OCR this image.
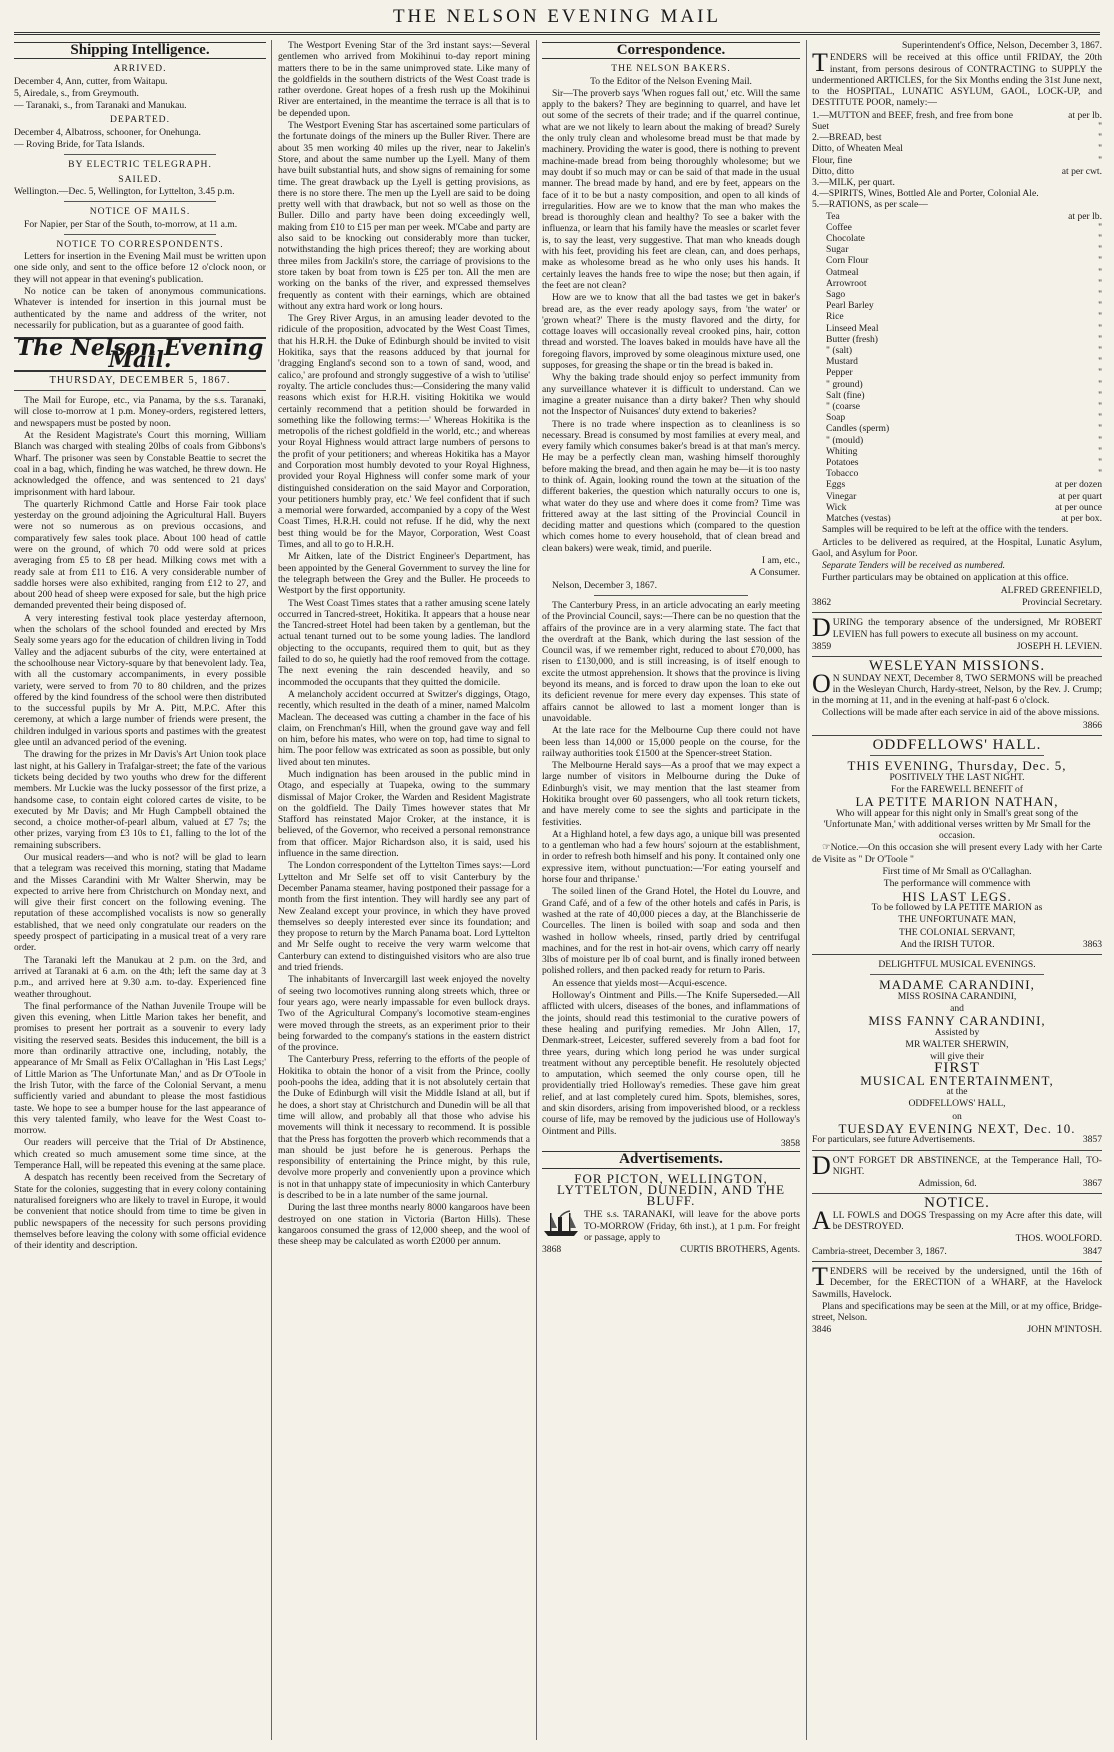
THE NELSON EVENING MAIL
Shipping Intelligence.
ARRIVED.

December 4, Ann, cutter, from Waitapu.

5, Airedale, s., from Greymouth.

— Taranaki, s., from Taranaki and Manukau.

DEPARTED.

December 4, Albatross, schooner, for Onehunga.

— Roving Bride, for Tata Islands.

BY ELECTRIC TELEGRAPH.
SAILED.

Wellington.—Dec. 5, Wellington, for Lyttelton, 3.45 p.m.

NOTICE OF MAILS.

For Napier, per Star of the South, to-morrow, at 11 a.m.

NOTICE TO CORRESPONDENTS.

Letters for insertion in the Evening Mail must be written upon one side only, and sent to the office before 12 o'clock noon, or they will not appear in that evening's publication.

No notice can be taken of anonymous communications. Whatever is intended for insertion in this journal must be authenticated by the name and address of the writer, not necessarily for publication, but as a guarantee of good faith.

The Nelson Evening Mail.
THURSDAY, DECEMBER 5, 1867.

The Mail for Europe, etc., via Panama, by the s.s. Taranaki, will close to-morrow at 1 p.m. Money-orders, registered letters, and newspapers must be posted by noon.

At the Resident Magistrate's Court this morning, William Blanch was charged with stealing 20lbs of coals from Gibbons's Wharf. The prisoner was seen by Constable Beattie to secret the coal in a bag, which, finding he was watched, he threw down. He acknowledged the offence, and was sentenced to 21 days' imprisonment with hard labour.

The quarterly Richmond Cattle and Horse Fair took place yesterday on the ground adjoining the Agricultural Hall. Buyers were not so numerous as on previous occasions, and comparatively few sales took place. About 100 head of cattle were on the ground, of which 70 odd were sold at prices averaging from £5 to £8 per head. Milking cows met with a ready sale at from £11 to £16. A very considerable number of saddle horses were also exhibited, ranging from £12 to 27, and about 200 head of sheep were exposed for sale, but the high price demanded prevented their being disposed of.

A very interesting festival took place yesterday afternoon, when the scholars of the school founded and erected by Mrs Sealy some years ago for the education of children living in Todd Valley and the adjacent suburbs of the city, were entertained at the schoolhouse near Victory-square by that benevolent lady. Tea, with all the customary accompaniments, in every possible variety, were served to from 70 to 80 children, and the prizes offered by the kind foundress of the school were then distributed to the successful pupils by Mr A. Pitt, M.P.C. After this ceremony, at which a large number of friends were present, the children indulged in various sports and pastimes with the greatest glee until an advanced period of the evening.

The drawing for the prizes in Mr Davis's Art Union took place last night, at his Gallery in Trafalgar-street; the fate of the various tickets being decided by two youths who drew for the different members. Mr Luckie was the lucky possessor of the first prize, a handsome case, to contain eight colored cartes de visite, to be executed by Mr Davis; and Mr Hugh Campbell obtained the second, a choice mother-of-pearl album, valued at £7 7s; the other prizes, varying from £3 10s to £1, falling to the lot of the remaining subscribers.

Our musical readers—and who is not? will be glad to learn that a telegram was received this morning, stating that Madame and the Misses Carandini with Mr Walter Sherwin, may be expected to arrive here from Christchurch on Monday next, and will give their first concert on the following evening. The reputation of these accomplished vocalists is now so generally established, that we need only congratulate our readers on the speedy prospect of participating in a musical treat of a very rare order.

The Taranaki left the Manukau at 2 p.m. on the 3rd, and arrived at Taranaki at 6 a.m. on the 4th; left the same day at 3 p.m., and arrived here at 9.30 a.m. to-day. Experienced fine weather throughout.

The final performance of the Nathan Juvenile Troupe will be given this evening, when Little Marion takes her benefit, and promises to present her portrait as a souvenir to every lady visiting the reserved seats. Besides this inducement, the bill is a more than ordinarily attractive one, including, notably, the appearance of Mr Small as Felix O'Callaghan in 'His Last Legs;' of Little Marion as 'The Unfortunate Man,' and as Dr O'Toole in the Irish Tutor, with the farce of the Colonial Servant, a menu sufficiently varied and abundant to please the most fastidious taste. We hope to see a bumper house for the last appearance of this very talented family, who leave for the West Coast to-morrow.

Our readers will perceive that the Trial of Dr Abstinence, which created so much amusement some time since, at the Temperance Hall, will be repeated this evening at the same place.

A despatch has recently been received from the Secretary of State for the colonies, suggesting that in every colony containing naturalised foreigners who are likely to travel in Europe, it would be convenient that notice should from time to time be given in public newspapers of the necessity for such persons providing themselves before leaving the colony with some official evidence of their identity and description.

The Westport Evening Star of the 3rd instant says:—Several gentlemen who arrived from Mokihinui to-day report mining matters there to be in the same unimproved state. Like many of the goldfields in the southern districts of the West Coast trade is rather overdone. Great hopes of a fresh rush up the Mokihinui River are entertained, in the meantime the terrace is all that is to be depended upon.

The Westport Evening Star has ascertained some particulars of the fortunate doings of the miners up the Buller River. There are about 35 men working 40 miles up the river, near to Jakelin's Store, and about the same number up the Lyell. Many of them have built substantial huts, and show signs of remaining for some time. The great drawback up the Lyell is getting provisions, as there is no store there. The men up the Lyell are said to be doing pretty well with that drawback, but not so well as those on the Buller. Dillo and party have been doing exceedingly well, making from £10 to £15 per man per week. M'Cabe and party are also said to be knocking out considerably more than tucker, notwithstanding the high prices thereof; they are working about three miles from Jackiln's store, the carriage of provisions to the store taken by boat from town is £25 per ton. All the men are working on the banks of the river, and expressed themselves frequently as content with their earnings, which are obtained without any extra hard work or long hours.

The Grey River Argus, in an amusing leader devoted to the ridicule of the proposition, advocated by the West Coast Times, that his H.R.H. the Duke of Edinburgh should be invited to visit Hokitika, says that the reasons adduced by that journal for 'dragging England's second son to a town of sand, wood, and calico,' are profound and strongly suggestive of a wish to 'utilise' royalty. The article concludes thus:—Considering the many valid reasons which exist for H.R.H. visiting Hokitika we would certainly recommend that a petition should be forwarded in something like the following terms:—' Whereas Hokitika is the metropolis of the richest goldfield in the world, etc.; and whereas your Royal Highness would attract large numbers of persons to the profit of your petitioners; and whereas Hokitika has a Mayor and Corporation most humbly devoted to your Royal Highness, provided your Royal Highness will confer some mark of your distinguished consideration on the said Mayor and Corporation, your petitioners humbly pray, etc.' We feel confident that if such a memorial were forwarded, accompanied by a copy of the West Coast Times, H.R.H. could not refuse. If he did, why the next best thing would be for the Mayor, Corporation, West Coast Times, and all to go to H.R.H.

Mr Aitken, late of the District Engineer's Department, has been appointed by the General Government to survey the line for the telegraph between the Grey and the Buller. He proceeds to Westport by the first opportunity.

The West Coast Times states that a rather amusing scene lately occurred in Tancred-street, Hokitika. It appears that a house near the Tancred-street Hotel had been taken by a gentleman, but the actual tenant turned out to be some young ladies. The landlord objecting to the occupants, required them to quit, but as they failed to do so, he quietly had the roof removed from the cottage. The next evening the rain descended heavily, and so incommoded the occupants that they quitted the domicile.

A melancholy accident occurred at Switzer's diggings, Otago, recently, which resulted in the death of a miner, named Malcolm Maclean. The deceased was cutting a chamber in the face of his claim, on Frenchman's Hill, when the ground gave way and fell on him, before his mates, who were on top, had time to signal to him. The poor fellow was extricated as soon as possible, but only lived about ten minutes.

Much indignation has been aroused in the public mind in Otago, and especially at Tuapeka, owing to the summary dismissal of Major Croker, the Warden and Resident Magistrate on the goldfield. The Daily Times however states that Mr Stafford has reinstated Major Croker, at the instance, it is believed, of the Governor, who received a personal remonstrance from that officer. Major Richardson also, it is said, used his influence in the same direction.

The London correspondent of the Lyttelton Times says:—Lord Lyttelton and Mr Selfe set off to visit Canterbury by the December Panama steamer, having postponed their passage for a month from the first intention. They will hardly see any part of New Zealand except your province, in which they have proved themselves so deeply interested ever since its foundation; and they propose to return by the March Panama boat. Lord Lyttelton and Mr Selfe ought to receive the very warm welcome that Canterbury can extend to distinguished visitors who are also true and tried friends.

The inhabitants of Invercargill last week enjoyed the novelty of seeing two locomotives running along streets which, three or four years ago, were nearly impassable for even bullock drays. Two of the Agricultural Company's locomotive steam-engines were moved through the streets, as an experiment prior to their being forwarded to the company's stations in the eastern district of the province.

The Canterbury Press, referring to the efforts of the people of Hokitika to obtain the honor of a visit from the Prince, coolly pooh-poohs the idea, adding that it is not absolutely certain that the Duke of Edinburgh will visit the Middle Island at all, but if he does, a short stay at Christchurch and Dunedin will be all that time will allow, and probably all that those who advise his movements will think it necessary to recommend. It is possible that the Press has forgotten the proverb which recommends that a man should be just before he is generous. Perhaps the responsibility of entertaining the Prince might, by this rule, devolve more properly and conveniently upon a province which is not in that unhappy state of impecuniosity in which Canterbury is described to be in a late number of the same journal.

During the last three months nearly 8000 kangaroos have been destroyed on one station in Victoria (Barton Hills). These kangaroos consumed the grass of 12,000 sheep, and the wool of these sheep may be calculated as worth £2000 per annum.

Correspondence.
THE NELSON BAKERS.

To the Editor of the Nelson Evening Mail.

Sir—The proverb says 'When rogues fall out,' etc. Will the same apply to the bakers? They are beginning to quarrel, and have let out some of the secrets of their trade; and if the quarrel continue, what are we not likely to learn about the making of bread? Surely the only truly clean and wholesome bread must be that made by machinery. Providing the water is good, there is nothing to prevent machine-made bread from being thoroughly wholesome; but we may doubt if so much may or can be said of that made in the usual manner. The bread made by hand, and ere by feet, appears on the face of it to be but a nasty composition, and open to all kinds of irregularities. How are we to know that the man who makes the bread is thoroughly clean and healthy? To see a baker with the influenza, or learn that his family have the measles or scarlet fever is, to say the least, very suggestive. That man who kneads dough with his feet, providing his feet are clean, can, and does perhaps, make as wholesome bread as he who only uses his hands. It certainly leaves the hands free to wipe the nose; but then again, if the feet are not clean?

How are we to know that all the bad tastes we get in baker's bread are, as the ever ready apology says, from 'the water' or 'grown wheat?' There is the musty flavored and the dirty, for cottage loaves will occasionally reveal crooked pins, hair, cotton thread and worsted. The loaves baked in moulds have have all the foregoing flavors, improved by some oleaginous mixture used, one supposes, for greasing the shape or tin the bread is baked in.

Why the baking trade should enjoy so perfect immunity from any surveillance whatever it is difficult to understand. Can we imagine a greater nuisance than a dirty baker? Then why should not the Inspector of Nuisances' duty extend to bakeries?

There is no trade where inspection as to cleanliness is so necessary. Bread is consumed by most families at every meal, and every family which consumes baker's bread is at that man's mercy. He may be a perfectly clean man, washing himself thoroughly before making the bread, and then again he may be—it is too nasty to think of. Again, looking round the town at the situation of the different bakeries, the question which naturally occurs to one is, what water do they use and where does it come from? Time was frittered away at the last sitting of the Provincial Council in deciding matter and questions which (compared to the question which comes home to every household, that of clean bread and clean bakers) were weak, timid, and puerile.

I am, etc.,

A Consumer.

Nelson, December 3, 1867.

The Canterbury Press, in an article advocating an early meeting of the Provincial Council, says:—There can be no question that the affairs of the province are in a very alarming state. The fact that the overdraft at the Bank, which during the last session of the Council was, if we remember right, reduced to about £70,000, has risen to £130,000, and is still increasing, is of itself enough to excite the utmost apprehension. It shows that the province is living beyond its means, and is forced to draw upon the loan to eke out its deficient revenue for mere every day expenses. This state of affairs cannot be allowed to last a moment longer than is unavoidable.

At the late race for the Melbourne Cup there could not have been less than 14,000 or 15,000 people on the course, for the railway authorities took £1500 at the Spencer-street Station.

The Melbourne Herald says—As a proof that we may expect a large number of visitors in Melbourne during the Duke of Edinburgh's visit, we may mention that the last steamer from Hokitika brought over 60 passengers, who all took return tickets, and have merely come to see the sights and participate in the festivities.

At a Highland hotel, a few days ago, a unique bill was presented to a gentleman who had a few hours' sojourn at the establishment, in order to refresh both himself and his pony. It contained only one expressive item, without punctuation:—'For eating yourself and horse four and thripanse.'

The soiled linen of the Grand Hotel, the Hotel du Louvre, and Grand Café, and of a few of the other hotels and cafés in Paris, is washed at the rate of 40,000 pieces a day, at the Blanchisserie de Courcelles. The linen is boiled with soap and soda and then washed in hollow wheels, rinsed, partly dried by centrifugal machines, and for the rest in hot-air ovens, which carry off nearly 3lbs of moisture per lb of coal burnt, and is finally ironed between polished rollers, and then packed ready for return to Paris.

An essence that yields most—Acqui-escence.

Holloway's Ointment and Pills.—The Knife Superseded.—All afflicted with ulcers, diseases of the bones, and inflammations of the joints, should read this testimonial to the curative powers of these healing and purifying remedies. Mr John Allen, 17, Denmark-street, Leicester, suffered severely from a bad foot for three years, during which long period he was under surgical treatment without any perceptible benefit. He resolutely objected to amputation, which seemed the only course open, till he providentially tried Holloway's remedies. These gave him great relief, and at last completely cured him. Spots, blemishes, sores, and skin disorders, arising from impoverished blood, or a reckless course of life, may be removed by the judicious use of Holloway's Ointment and Pills.

3858

Advertisements.
FOR PICTON, WELLINGTON, LYTTELTON, DUNEDIN, AND THE BLUFF.

THE s.s. TARANAKI, will leave for the above ports TO-MORROW (Friday, 6th inst.), at 1 p.m. For freight or passage, apply to

3868	CURTIS BROTHERS, Agents.

Superintendent's Office, Nelson, December 3, 1867.

TENDERS will be received at this office until FRIDAY, the 20th instant, from persons desirous of CONTRACTING to SUPPLY the undermentioned ARTICLES, for the Six Months ending the 31st June next, to the HOSPITAL, LUNATIC ASYLUM, GAOL, LOCK-UP, and DESTITUTE POOR, namely:—

1.—MUTTON and BEEF, fresh, and free from bone	at per lb.
Suet	"
2.—BREAD, best	"
Ditto, of Wheaten Meal	"
Flour, fine	"
Ditto, ditto	at per cwt.
3.—MILK, per quart.	
4.—SPIRITS, Wines, Bottled Ale and Porter, Colonial Ale.	
5.—RATIONS, as per scale—	
Tea	at per lb.
Coffee	"
Chocolate	"
Sugar	"
Corn Flour	"
Oatmeal	"
Arrowroot	"
Sago	"
Pearl Barley	"
Rice	"
Linseed Meal	"
Butter (fresh)	"
" (salt)	"
Mustard	"
Pepper	"
" ground)	"
Salt (fine)	"
" (coarse	"
Soap	"
Candles (sperm)	"
" (mould)	"
Whiting	"
Potatoes	"
Tobacco	"
Eggs	at per dozen
Vinegar	at per quart
Wick	at per ounce
Matches (vestas)	at per box.

Samples will be required to be left at the office with the tenders.

Articles to be delivered as required, at the Hospital, Lunatic Asylum, Gaol, and Asylum for Poor.

Separate Tenders will be received as numbered.

Further particulars may be obtained on application at this office.

ALFRED GREENFIELD,

3862	Provincial Secretary.

DURING the temporary absence of the undersigned, Mr ROBERT LEVIEN has full powers to execute all business on my account.

3859	JOSEPH H. LEVIEN.
WESLEYAN MISSIONS.

ON SUNDAY NEXT, December 8, TWO SERMONS will be preached in the Wesleyan Church, Hardy-street, Nelson, by the Rev. J. Crump; in the morning at 11, and in the evening at half-past 6 o'clock.

Collections will be made after each service in aid of the above missions.

3866

ODDFELLOWS' HALL.
THIS EVENING, Thursday, Dec. 5,

POSITIVELY THE LAST NIGHT.

For the FAREWELL BENEFIT of

LA PETITE MARION NATHAN,

Who will appear for this night only in Small's great song of the 'Unfortunate Man,' with additional verses written by Mr Small for the occasion.

☞Notice.—On this occasion she will present every Lady with her Carte de Visite as " Dr O'Toole "

First time of Mr Small as O'Callaghan.

The performance will commence with

HIS LAST LEGS.

To be followed by LA PETITE MARION as

THE UNFORTUNATE MAN,

THE COLONIAL SERVANT,

And the IRISH TUTOR.	3863

DELIGHTFUL MUSICAL EVENINGS.

MADAME CARANDINI,

MISS ROSINA CARANDINI,

and

MISS FANNY CARANDINI,

Assisted by

MR WALTER SHERWIN,

will give their

FIRST
MUSICAL ENTERTAINMENT,

at the

ODDFELLOWS' HALL,

on

TUESDAY EVENING NEXT, Dec. 10.
For particulars, see future Advertisements.	3857

DON'T FORGET DR ABSTINENCE, at the Temperance Hall, TO-NIGHT.

Admission, 6d.	3867
NOTICE.

ALL FOWLS and DOGS Trespassing on my Acre after this date, will be DESTROYED.

THOS. WOOLFORD.

Cambria-street, December 3, 1867.	3847

TENDERS will be received by the undersigned, until the 16th of December, for the ERECTION of a WHARF, at the Havelock Sawmills, Havelock.

Plans and specifications may be seen at the Mill, or at my office, Bridge-street, Nelson.

3846	JOHN M'INTOSH.
